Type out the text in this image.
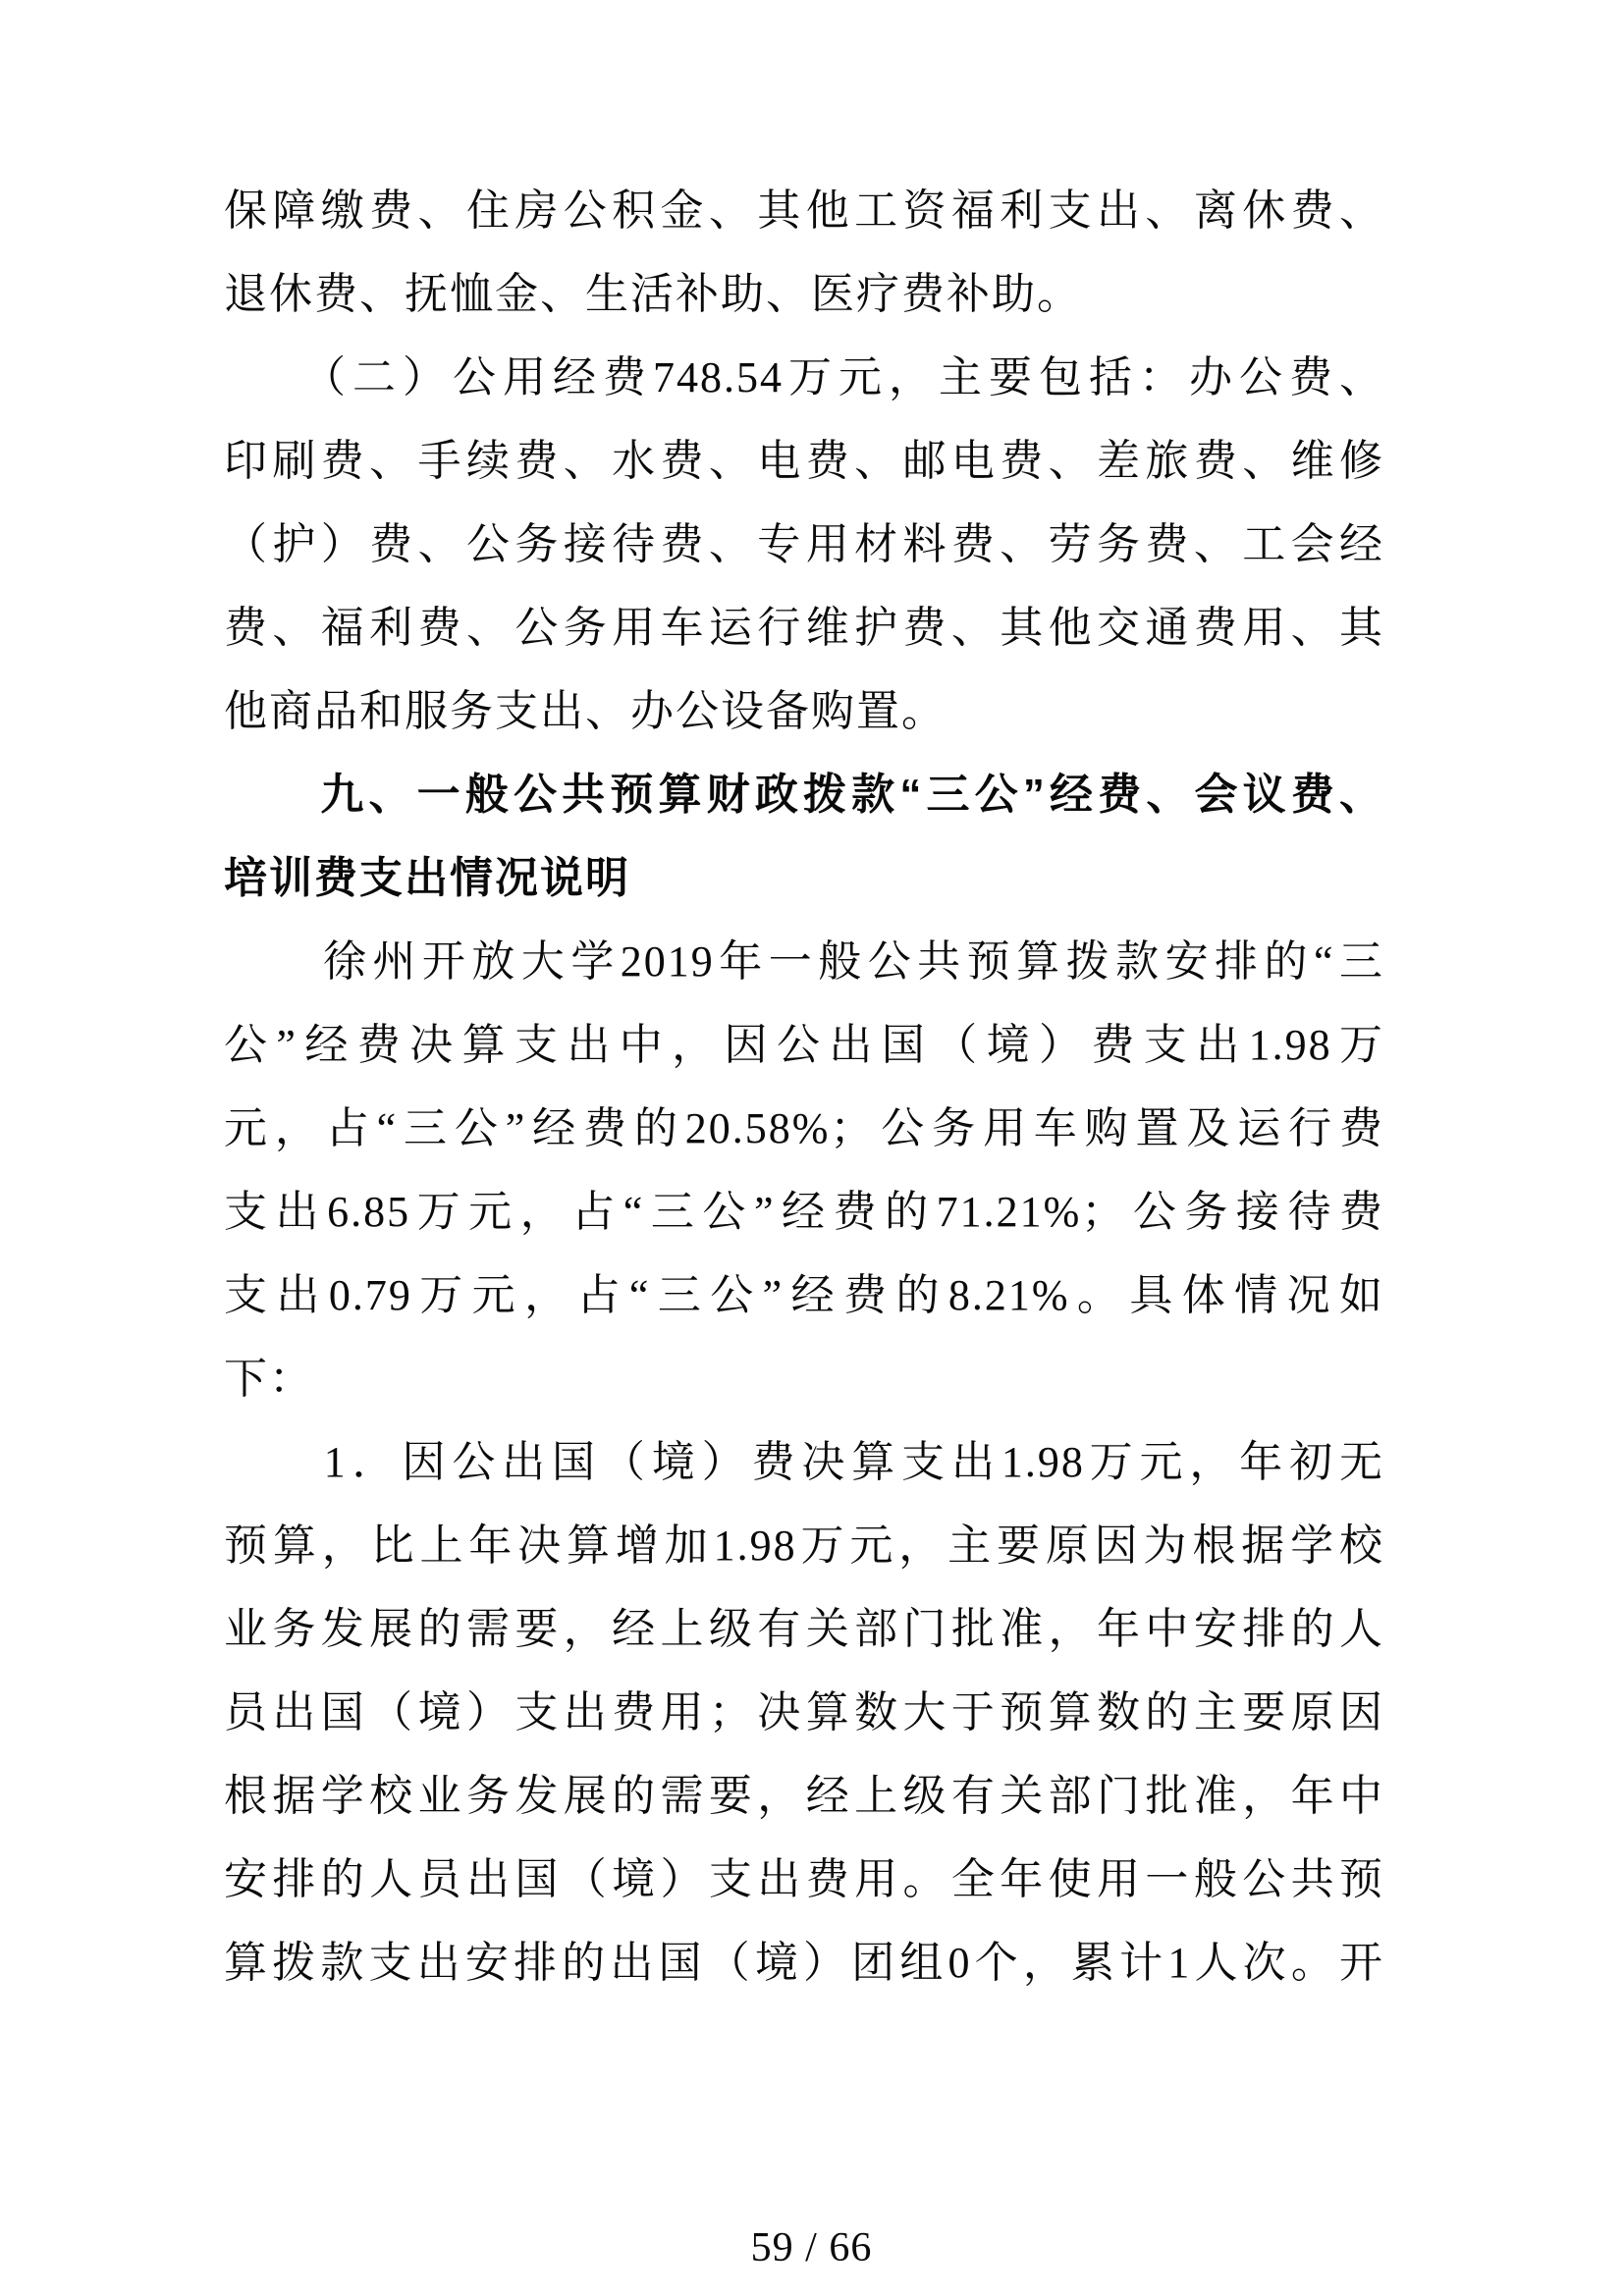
保障缴费、住房公积金、其他工资福利支出、离休费、
退休费、抚恤金、生活补助、医疗费补助。
　　（二）公用经费748.54万元，主要包括：办公费、
印刷费、手续费、水费、电费、邮电费、差旅费、维修
（护）费、公务接待费、专用材料费、劳务费、工会经
费、福利费、公务用车运行维护费、其他交通费用、其
他商品和服务支出、办公设备购置。
　　九、一般公共预算财政拨款“三公”经费、会议费、
培训费支出情况说明
　　徐州开放大学2019年一般公共预算拨款安排的“三
公”经费决算支出中，因公出国（境）费支出1.98万
元，占“三公”经费的20.58%；公务用车购置及运行费
支出6.85万元，占“三公”经费的71.21%；公务接待费
支出0.79万元，占“三公”经费的8.21%。具体情况如
下：
　　1．因公出国（境）费决算支出1.98万元，年初无
预算，比上年决算增加1.98万元，主要原因为根据学校
业务发展的需要，经上级有关部门批准，年中安排的人
员出国（境）支出费用；决算数大于预算数的主要原因
根据学校业务发展的需要，经上级有关部门批准，年中
安排的人员出国（境）支出费用。全年使用一般公共预
算拨款支出安排的出国（境）团组0个，累计1人次。开
59 / 66
